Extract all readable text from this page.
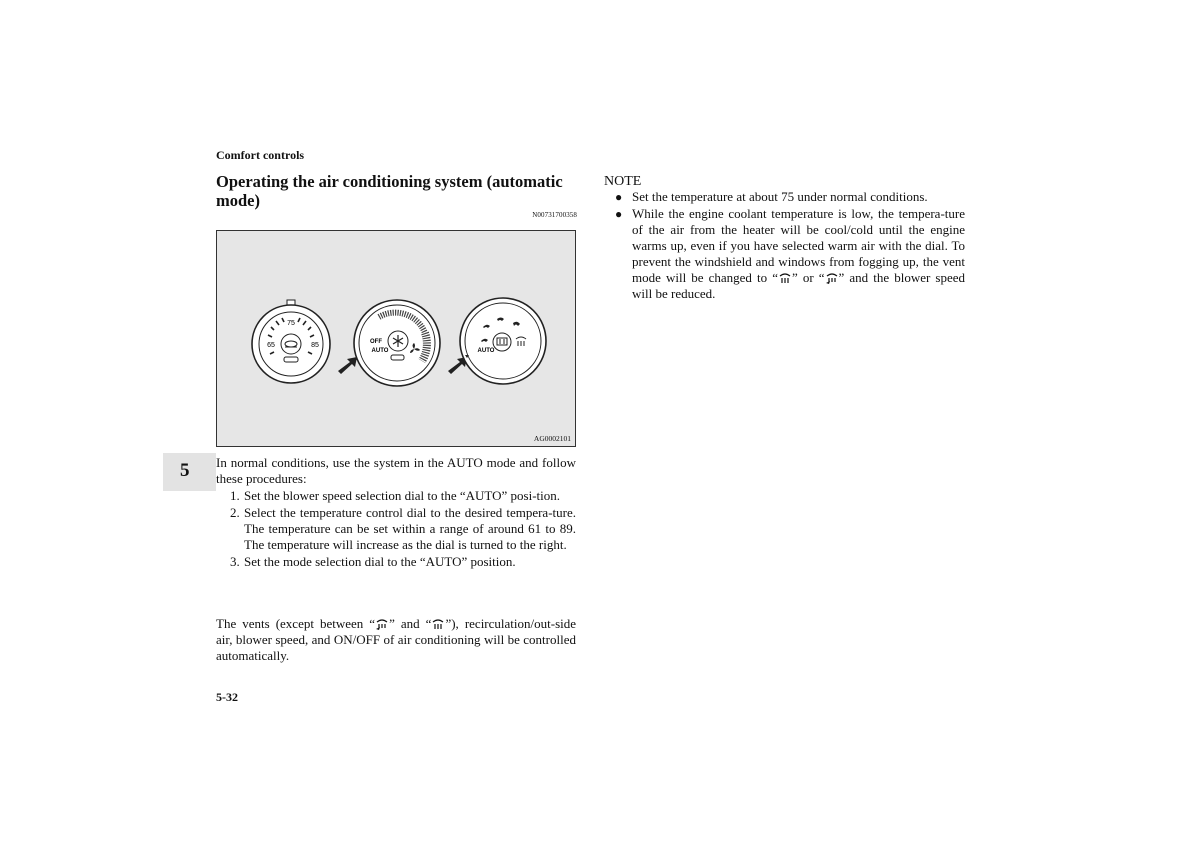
Comfort controls
Operating the air conditioning system (automatic mode)
N00731700358
75
65	85	OFF
AUTO	AUTO
AG0002101
5 In normal conditions, use the system in the AUTO mode and follow these procedures:
1. Set the blower speed selection dial to the “AUTO” posi-tion.
2. Select the temperature control dial to the desired tempera-ture. The temperature can be set within a range of around 61 to 89. The temperature will increase as the dial is turned to the right.
3. Set the mode selection dial to the “AUTO” position.
The vents (except between “ ” and “ ”), recirculation/out-side air, blower speed, and ON/OFF of air conditioning will be controlled automatically.
5-32
NOTE
● Set the temperature at about 75 under normal conditions.
● While the engine coolant temperature is low, the tempera-ture of the air from the heater will be cool/cold until the engine warms up, even if you have selected warm air with the dial. To prevent the windshield and windows from fogging up, the vent mode will be changed to “ ” or “ ” and the blower speed will be reduced.
